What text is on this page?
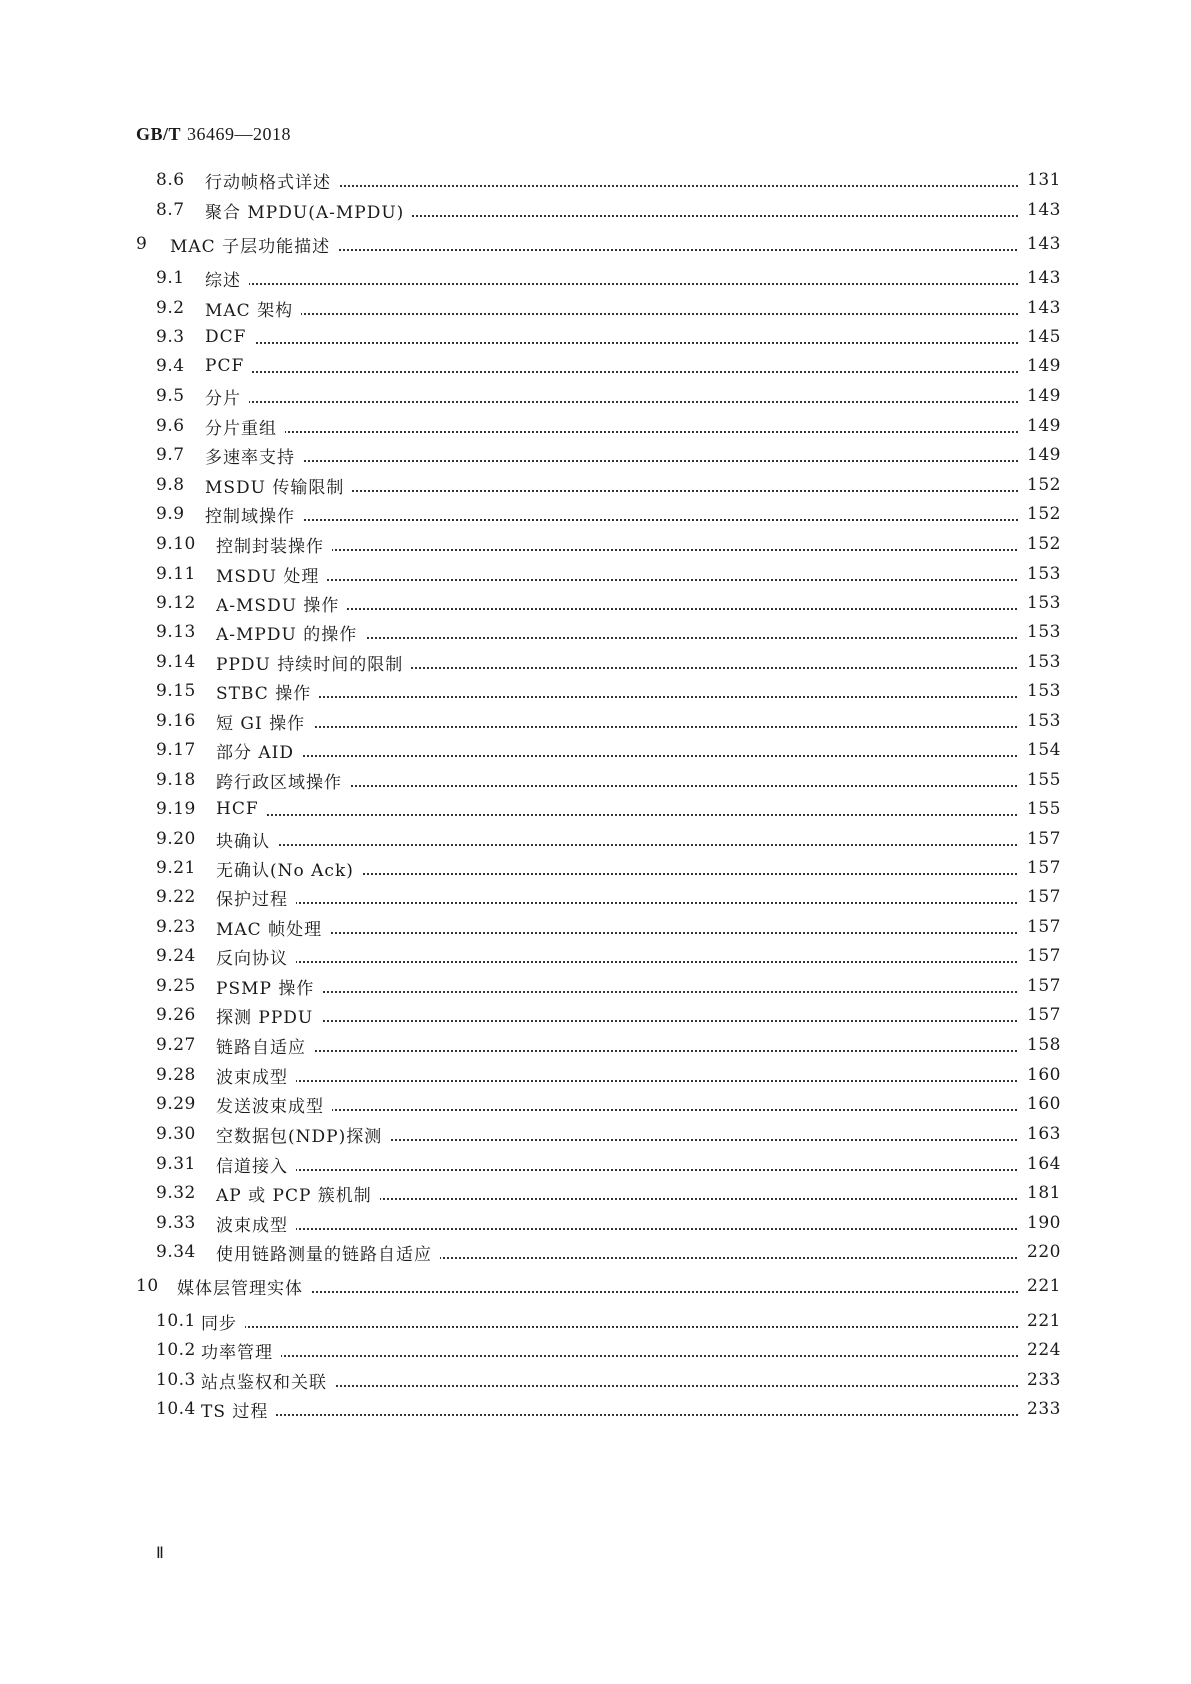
GB/T 36469—2018
8.6 行动帧格式详述	131
8.7 聚合 MPDU(A-MPDU)	143
9 MAC 子层功能描述	143
9.1 综述	143
9.2 MAC 架构	143
9.3 DCF	145
9.4 PCF	149
9.5 分片	149
9.6 分片重组	149
9.7 多速率支持	149
9.8 MSDU 传输限制	152
9.9 控制域操作	152
9.10 控制封装操作	152
9.11 MSDU 处理	153
9.12 A-MSDU 操作	153
9.13 A-MPDU 的操作	153
9.14 PPDU 持续时间的限制	153
9.15 STBC 操作	153
9.16 短 GI 操作	153
9.17 部分 AID	154
9.18 跨行政区域操作	155
9.19 HCF	155
9.20 块确认	157
9.21 无确认(No Ack)	157
9.22 保护过程	157
9.23 MAC 帧处理	157
9.24 反向协议	157
9.25 PSMP 操作	157
9.26 探测 PPDU	157
9.27 链路自适应	158
9.28 波束成型	160
9.29 发送波束成型	160
9.30 空数据包(NDP)探测	163
9.31 信道接入	164
9.32 AP 或 PCP 簇机制	181
9.33 波束成型	190
9.34 使用链路测量的链路自适应	220
10 媒体层管理实体	221
10.1 同步	221
10.2 功率管理	224
10.3 站点鉴权和关联	233
10.4 TS 过程	233
Ⅱ
